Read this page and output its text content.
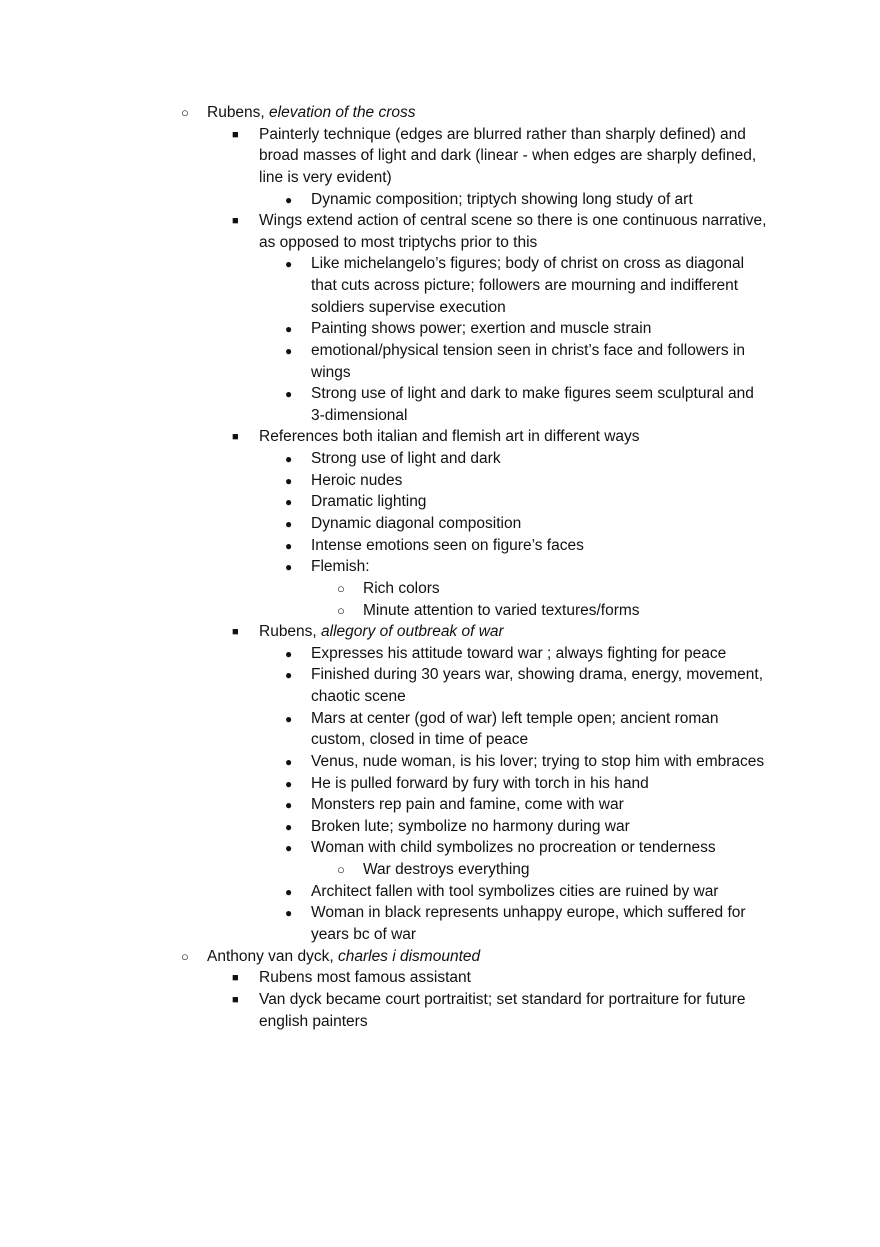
○ Rubens, elevation of the cross
■ Painterly technique (edges are blurred rather than sharply defined) and
broad masses of light and dark (linear - when edges are sharply defined,
line is very evident)
● Dynamic composition; triptych showing long study of art
■ Wings extend action of central scene so there is one continuous narrative,
as opposed to most triptychs prior to this
● Like michelangelo’s figures; body of christ on cross as diagonal
that cuts across picture; followers are mourning and indifferent
soldiers supervise execution
● Painting shows power; exertion and muscle strain
● emotional/physical tension seen in christ’s face and followers in
wings
● Strong use of light and dark to make figures seem sculptural and
3-dimensional
■ References both italian and flemish art in different ways
● Strong use of light and dark
● Heroic nudes
● Dramatic lighting
● Dynamic diagonal composition
● Intense emotions seen on figure’s faces
● Flemish:
○ Rich colors
○ Minute attention to varied textures/forms
■ Rubens, allegory of outbreak of war
● Expresses his attitude toward war ; always fighting for peace
● Finished during 30 years war, showing drama, energy, movement,
chaotic scene
● Mars at center (god of war) left temple open; ancient roman
custom, closed in time of peace
● Venus, nude woman, is his lover; trying to stop him with embraces
● He is pulled forward by fury with torch in his hand
● Monsters rep pain and famine, come with war
● Broken lute; symbolize no harmony during war
● Woman with child symbolizes no procreation or tenderness
○ War destroys everything
● Architect fallen with tool symbolizes cities are ruined by war
● Woman in black represents unhappy europe, which suffered for
years bc of war
○ Anthony van dyck, charles i dismounted
■ Rubens most famous assistant
■ Van dyck became court portraitist; set standard for portraiture for future
english painters
